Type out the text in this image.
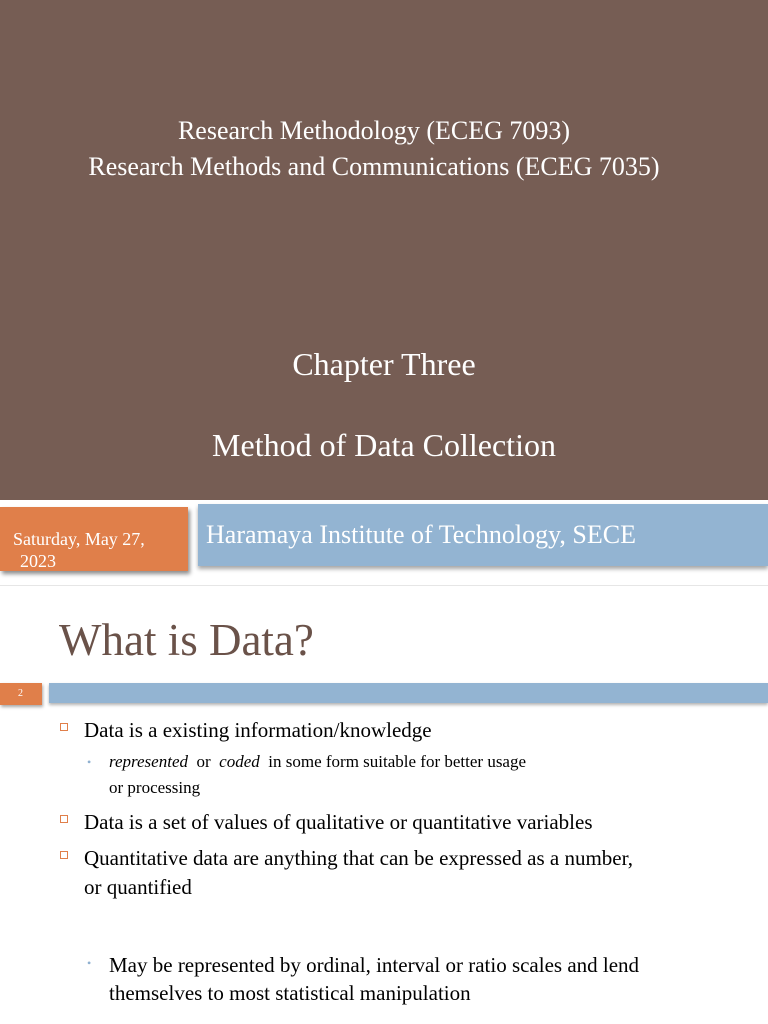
Research Methodology (ECEG 7093)
Research Methods and Communications (ECEG 7035)
Chapter Three
Method of Data Collection
Saturday, May 27,
2023
Haramaya Institute of Technology, SECE
What is Data?
2
Data is a existing information/knowledge
• represented  or  coded  in some form suitable for better usage
or processing
Data is a set of values of qualitative or quantitative variables
Quantitative data are anything that can be expressed as a number,
or quantified
• May be represented by ordinal, interval or ratio scales and lend
themselves to most statistical manipulation
